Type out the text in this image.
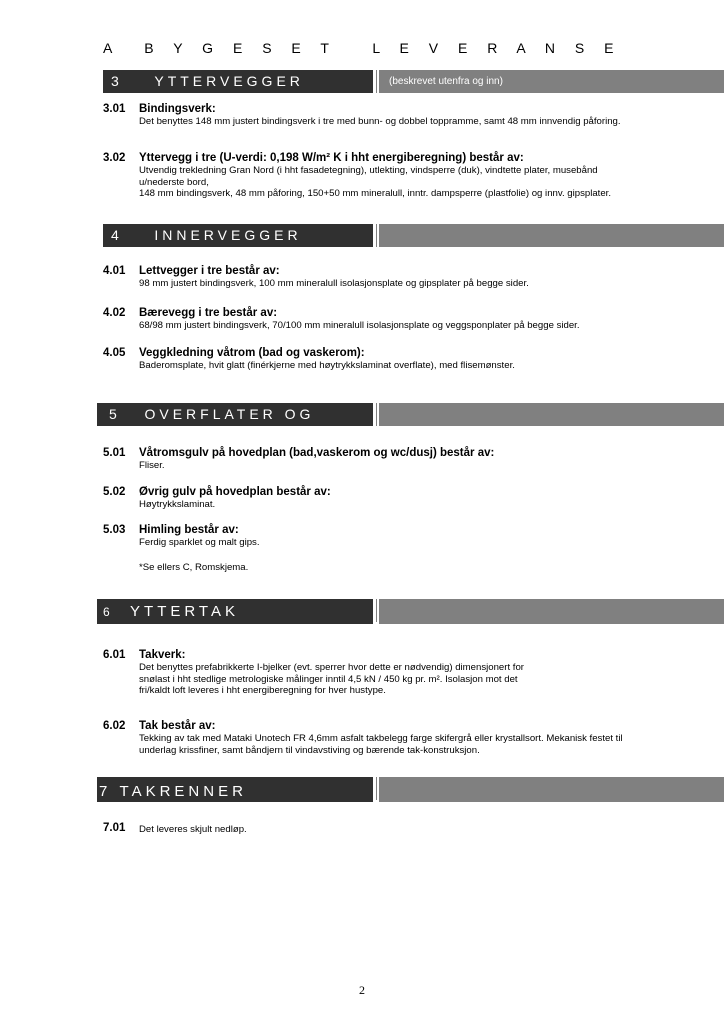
A B Y G E S E T   L E V E R A N S E
3 YTTERVEGGER	(beskrevet utenfra og inn)
3.01 Bindingsverk:
Det benyttes 148 mm justert bindingsverk i tre med bunn- og dobbel toppramme, samt 48 mm innvendig påforing.
3.02 Yttervegg i tre (U-verdi: 0,198 W/m² K i hht energiberegning) består av:
Utvendig trekledning Gran Nord (i hht fasadetegning), utlekting, vindsperre (duk), vindtette plater, musebånd
u/nederste bord,
148 mm bindingsverk, 48 mm påforing, 150+50 mm mineralull, inntr. dampsperre (plastfolie) og innv. gipsplater.
4 INNERVEGGER
4.01 Lettvegger i tre består av:
98 mm justert bindingsverk, 100 mm mineralull isolasjonsplate og gipsplater på begge sider.
4.02 Bærevegg i tre består av:
68/98 mm justert bindingsverk, 70/100 mm mineralull isolasjonsplate og veggsponplater på begge sider.
4.05 Veggkledning våtrom (bad og vaskerom):
Baderomsplate, hvit glatt (finérkjerne med høytrykkslaminat overflate), med flisemønster.
5 OVERFLATER OG HIMLING
5.01 Våtromsgulv på hovedplan (bad,vaskerom og wc/dusj) består av:
Fliser.
5.02 Øvrig gulv på hovedplan består av:
Høytrykkslaminat.
5.03 Himling består av:
Ferdig sparklet og malt gips.
*Se ellers C, Romskjema.
6 YTTERTAK
6.01 Takverk:
Det benyttes prefabrikkerte I-bjelker (evt. sperrer hvor dette er nødvendig) dimensjonert for
snølast i hht stedlige metrologiske målinger inntil 4,5 kN / 450 kg pr. m². Isolasjon mot det
fri/kaldt loft leveres i hht energiberegning for hver hustype.
6.02 Tak består av:
Tekking av tak med Mataki Unotech FR 4,6mm asfalt takbelegg farge skifergrå eller krystallsort. Mekanisk festet til
underlag krissfiner, samt båndjern til vindavstiving og bærende tak-konstruksjon.
7 TAKRENNER
7.01 Det leveres skjult nedløp.
2
